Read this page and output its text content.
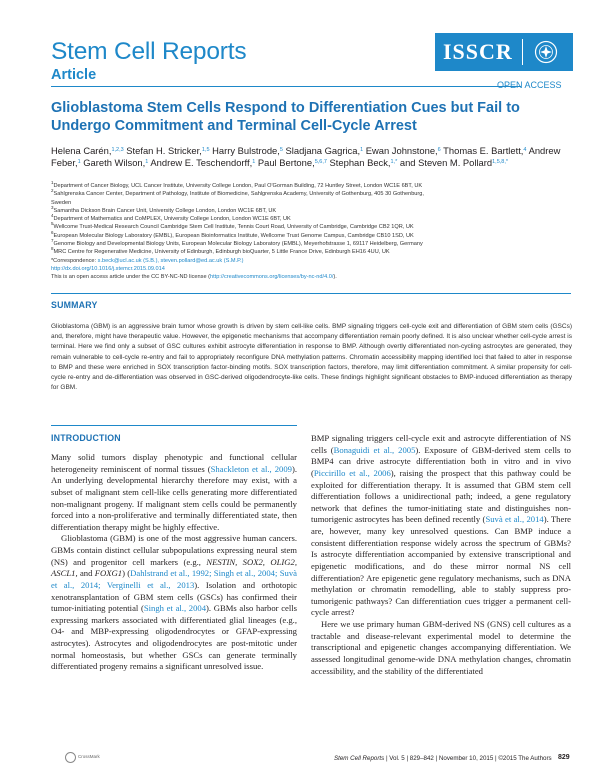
Stem Cell Reports
Article
ISSCR
OPEN ACCESS
Glioblastoma Stem Cells Respond to Differentiation Cues but Fail to Undergo Commitment and Terminal Cell-Cycle Arrest
Helena Carén,$^{1,2,3}$ Stefan H. Stricker,$^{1,5}$ Harry Bulstrode,$^5$ Sladjana Gagrica,$^1$ Ewan Johnstone,$^6$ Thomas E. Bartlett,$^4$ Andrew Feber,$^1$ Gareth Wilson,$^1$ Andrew E. Teschendorff,$^1$ Paul Bertone,$^{5,6,7}$ Stephan Beck,$^{1,*}$ and Steven M. Pollard$^{1,5,8,*}$
$^1$Department of Cancer Biology, UCL Cancer Institute, University College London, Paul O'Gorman Building, 72 Huntley Street, London WC1E 6BT, UK
$^2$Sahlgrenska Cancer Center, Department of Pathology, Institute of Biomedicine, Sahlgrenska Academy, University of Gothenburg, 405 30 Gothenburg,
Sweden
$^3$Samantha Dickson Brain Cancer Unit, University College London, London WC1E 6BT, UK
$^4$Department of Mathematics and CoMPLEX, University College London, London WC1E 6BT, UK
$^5$Wellcome Trust-Medical Research Council Cambridge Stem Cell Institute, Tennis Court Road, University of Cambridge, Cambridge CB2 1QR, UK
$^6$European Molecular Biology Laboratory (EMBL), European Bioinformatics Institute, Wellcome Trust Genome Campus, Cambridge CB10 1SD, UK
$^7$Genome Biology and Developmental Biology Units, European Molecular Biology Laboratory (EMBL), Meyerhofstrasse 1, 69117 Heidelberg, Germany
$^8$MRC Centre for Regenerative Medicine, University of Edinburgh, Edinburgh bioQuarter, 5 Little France Drive, Edinburgh EH16 4UU, UK
*Correspondence: s.beck@ucl.ac.uk (S.B.), steven.pollard@ed.ac.uk (S.M.P.)
http://dx.doi.org/10.1016/j.stemcr.2015.09.014
This is an open access article under the CC BY-NC-ND license (http://creativecommons.org/licenses/by-nc-nd/4.0/).
SUMMARY
Glioblastoma (GBM) is an aggressive brain tumor whose growth is driven by stem cell-like cells. BMP signaling triggers cell-cycle exit and differentiation of GBM stem cells (GSCs) and, therefore, might have therapeutic value. However, the epigenetic mechanisms that accompany differentiation remain poorly defined. It is also unclear whether cell-cycle arrest is terminal. Here we find only a subset of GSC cultures exhibit astrocyte differentiation in response to BMP. Although overtly differentiated non-cycling astrocytes are generated, they remain vulnerable to cell-cycle re-entry and fail to appropriately reconfigure DNA methylation patterns. Chromatin accessibility mapping identified loci that failed to alter in response to BMP and these were enriched in SOX transcription factor-binding motifs. SOX transcription factors, therefore, may limit differentiation commitment. A similar propensity for cell-cycle re-entry and de-differentiation was observed in GSC-derived oligodendrocyte-like cells. These findings highlight significant obstacles to BMP-induced differentiation as therapy for GBM.
INTRODUCTION

Many solid tumors display phenotypic and functional cellular heterogeneity reminiscent of normal tissues (Shackleton et al., 2009). An underlying developmental hierarchy therefore may exist, with a subset of malignant stem cell-like cells generating more differentiated non-malignant progeny. If malignant stem cells could be permanently forced into a non-proliferative and terminally differentiated state, then differentiation therapy might be highly effective.

Glioblastoma (GBM) is one of the most aggressive human cancers. GBMs contain distinct cellular subpopulations expressing neural stem (NS) and progenitor cell markers (e.g., NESTIN, SOX2, OLIG2, ASCL1, and FOXG1) (Dahlstrand et al., 1992; Singh et al., 2004; Suvà et al., 2014; Verginelli et al., 2013). Isolation and orthotopic xenotransplantation of GBM stem cells (GSCs) has confirmed their tumor-initiating potential (Singh et al., 2004). GBMs also harbor cells expressing markers associated with differentiated glial lineages (e.g., O4- and MBP-expressing oligodendrocytes or GFAP-expressing astrocytes). Astrocytes and oligodendrocytes are post-mitotic under normal homeostasis, but whether GSCs can generate terminally differentiated progeny remains a significant unresolved issue.

BMP signaling triggers cell-cycle exit and astrocyte differentiation of NS cells (Bonaguidi et al., 2005). Exposure of GBM-derived stem cells to BMP4 can drive astrocyte differentiation both in vitro and in vivo (Piccirillo et al., 2006), raising the prospect that this pathway could be exploited for differentiation therapy. It is assumed that GBM stem cell differentiation follows a unidirectional path; indeed, a gene regulatory network that defines the tumor-initiating state and distinguishes non-tumorigenic astrocytes has been defined recently (Suvà et al., 2014). There are, however, many key unresolved questions. Can BMP induce a consistent differentiation response widely across the spectrum of GBMs? Is astrocyte differentiation accompanied by extensive transcriptional and epigenetic modifications, and do these mirror normal NS cell differentiation? Are epigenetic gene regulatory mechanisms, such as DNA methylation or chromatin remodelling, able to stably suppress pro-tumorigenic pathways? Can differentiation cues trigger a permanent cell-cycle arrest?

Here we use primary human GBM-derived NS (GNS) cell cultures as a tractable and disease-relevant experimental model to determine the transcriptional and epigenetic changes accompanying differentiation. We assessed longitudinal genome-wide DNA methylation changes, chromatin accessibility, and the stability of the differentiated

CrossMark	Stem Cell Reports | Vol. 5 | 829–842 | November 10, 2015 | ©2015 The Authors 829
